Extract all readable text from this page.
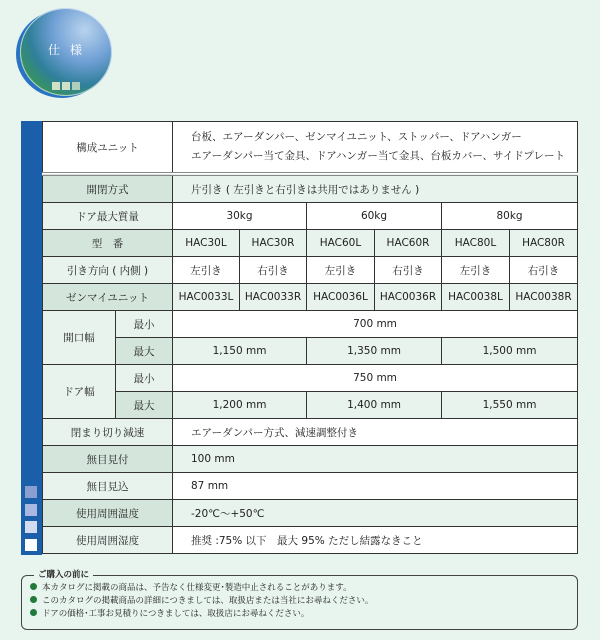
仕様
構成ユニット		台板、エアーダンパー、ゼンマイユニット、ストッパー、ドアハンガー
エアーダンパー当て金具、ドアハンガー当て金具、台板カバー、サイドプレート					

開閉方式		片引き ( 左引きと右引きは共用ではありません )					
ドア最大質量		30kg		60kg		80kg	
型　番		HAC30L	HAC30R	HAC60L	HAC60R	HAC80L	HAC80R
引き方向 ( 内側 )		左引き	右引き	左引き	右引き	左引き	右引き
ゼンマイユニット		HAC0033L	HAC0033R	HAC0036L	HAC0036R	HAC0038L	HAC0038R
開口幅	最小	700 mm					
	最大	1,150 mm		1,350 mm		1,500 mm	
ドア幅	最小	750 mm					
	最大	1,200 mm		1,400 mm		1,550 mm	
閉まり切り減速		エアーダンパー方式、減速調整付き					
無目見付		100 mm					
無目見込		87 mm					
使用周囲温度		-20℃～+50℃					
使用周囲湿度		推奨 :75% 以下　最大 95% ただし結露なきこと					
ご購入の前に
本カタログに掲載の商品は、予告なく仕様変更･製造中止されることがあります。
このカタログの掲載商品の詳細につきましては、取扱店または当社にお尋ねください。
ドアの価格･工事お見積りにつきましては、取扱店にお尋ねください。
